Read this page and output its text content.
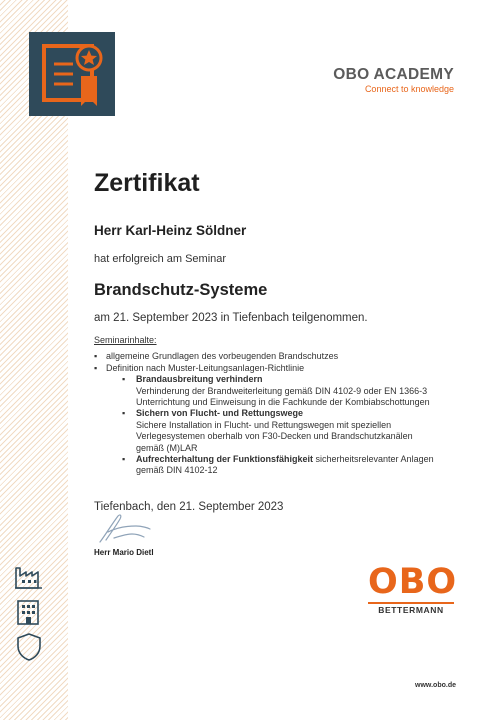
OBO ACADEMY
Connect to knowledge
Zertifikat
Herr Karl-Heinz Söldner
hat erfolgreich am Seminar
Brandschutz-Systeme
am 21. September 2023 in Tiefenbach teilgenommen.
Seminarinhalte:
▪ allgemeine Grundlagen des vorbeugenden Brandschutzes
▪ Definition nach Muster-Leitungsanlagen-Richtlinie
▪ Brandausbreitung verhindern
Verhinderung der Brandweiterleitung gemäß DIN 4102-9 oder EN 1366-3
Unterrichtung und Einweisung in die Fachkunde der Kombiabschottungen
▪ Sichern von Flucht- und Rettungswege
Sichere Installation in Flucht- und Rettungswegen mit speziellen
Verlegesystemen oberhalb von F30-Decken und Brandschutzkanälen
gemäß (M)LAR
▪ Aufrechterhaltung der Funktionsfähigkeit sicherheitsrelevanter Anlagen
gemäß DIN 4102-12
Tiefenbach, den 21. September 2023
Herr Mario Dietl
OBO
BETTERMANN
www.obo.de
